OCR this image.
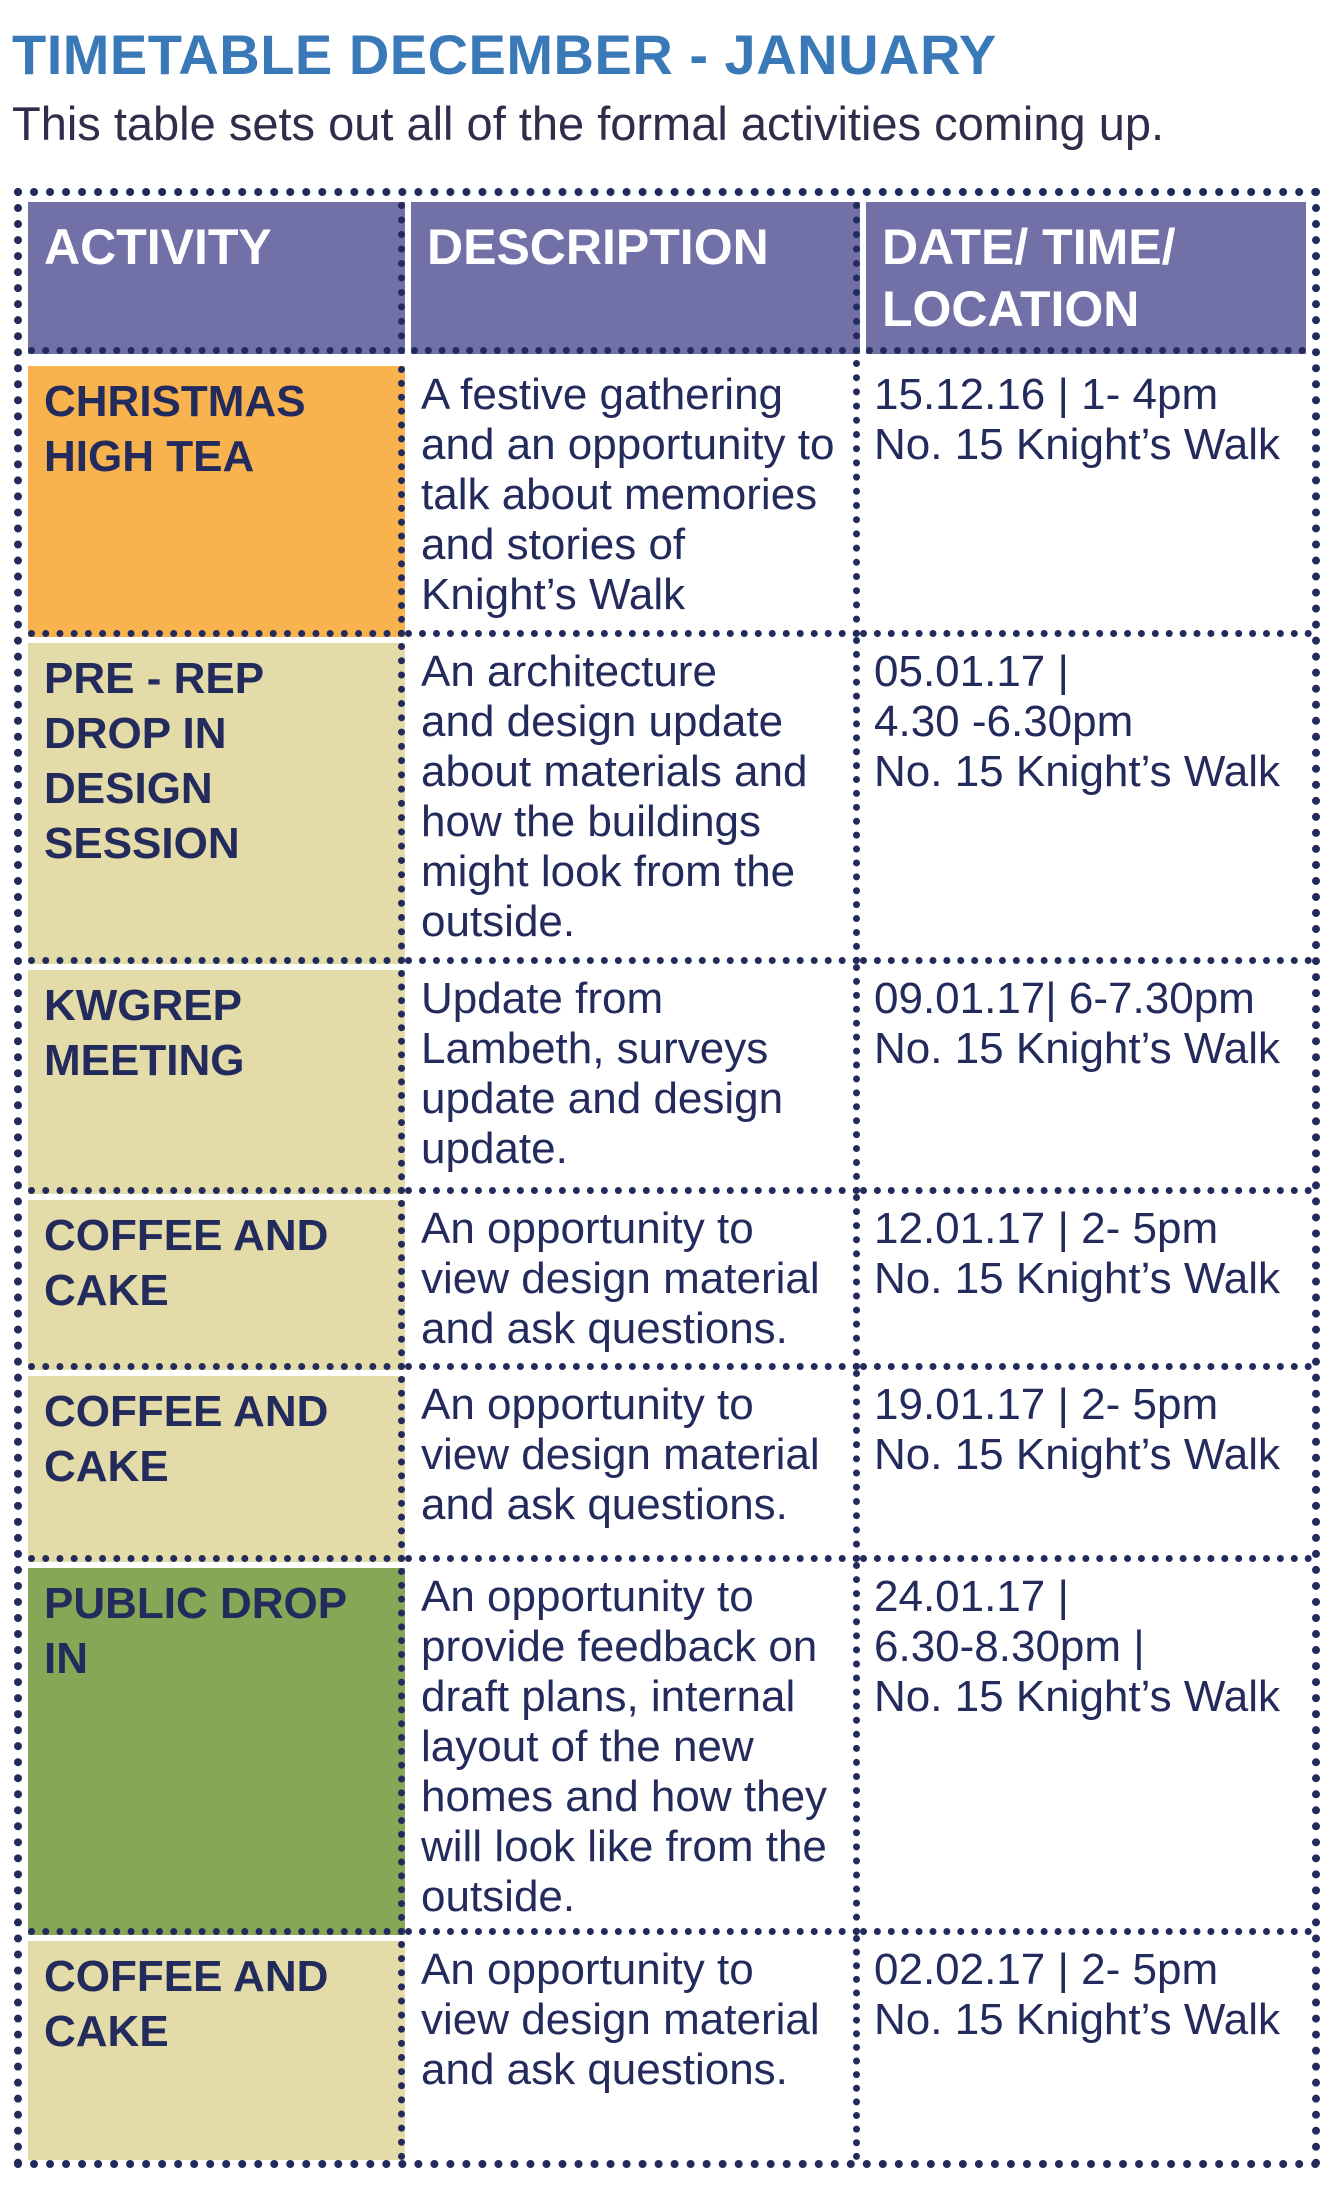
TIMETABLE DECEMBER - JANUARY

This table sets out all of the formal activities coming up.

ACTIVITY	DESCRIPTION	DATE/ TIME/
LOCATION
CHRISTMAS
HIGH TEA
A festive gathering
and an opportunity to
talk about memories
and stories of
Knight’s Walk
15.12.16 | 1- 4pm
No. 15 Knight’s Walk
PRE - REP
DROP IN
DESIGN
SESSION
An architecture
and design update
about materials and
how the buildings
might look from the
outside.
05.01.17 |
4.30 -6.30pm
No. 15 Knight’s Walk
KWGREP
MEETING
Update from
Lambeth, surveys
update and design
update.
09.01.17| 6-7.30pm
No. 15 Knight’s Walk
COFFEE AND
CAKE
An opportunity to
view design material
and ask questions.
12.01.17 | 2- 5pm
No. 15 Knight’s Walk
COFFEE AND
CAKE
An opportunity to
view design material
and ask questions.
19.01.17 | 2- 5pm
No. 15 Knight’s Walk
PUBLIC DROP
IN
An opportunity to
provide feedback on
draft plans, internal
layout of the new
homes and how they
will look like from the
outside.
24.01.17 |
6.30-8.30pm |
No. 15 Knight’s Walk
COFFEE AND
CAKE
An opportunity to
view design material
and ask questions.
02.02.17 | 2- 5pm
No. 15 Knight’s Walk
